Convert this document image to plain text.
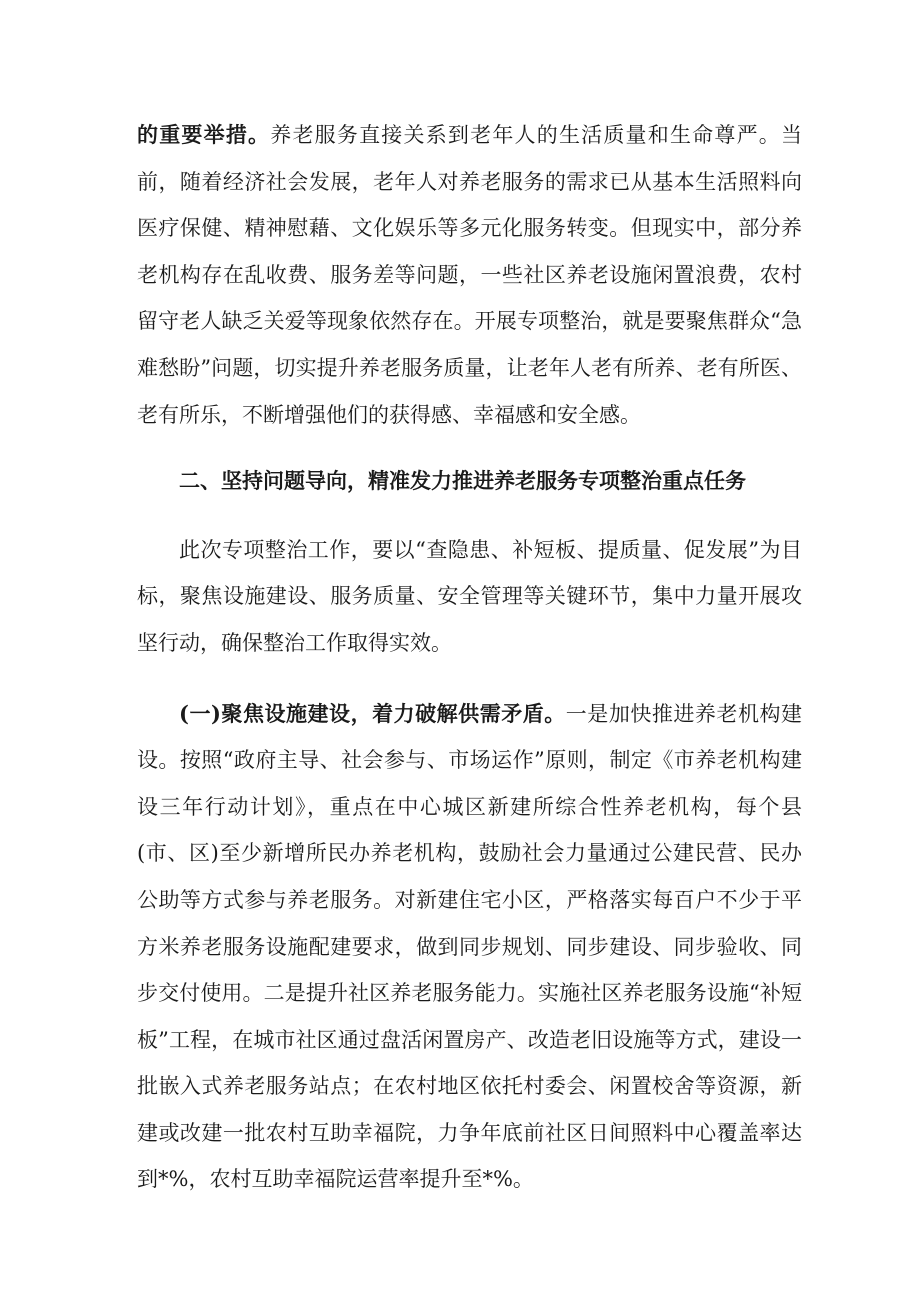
的重要举措。养老服务直接关系到老年人的生活质量和生命尊严。当前，随着经济社会发展，老年人对养老服务的需求已从基本生活照料向医疗保健、精神慰藉、文化娱乐等多元化服务转变。但现实中，部分养老机构存在乱收费、服务差等问题，一些社区养老设施闲置浪费，农村留守老人缺乏关爱等现象依然存在。开展专项整治，就是要聚焦群众“急难愁盼”问题，切实提升养老服务质量，让老年人老有所养、老有所医、老有所乐，不断增强他们的获得感、幸福感和安全感。

二、坚持问题导向，精准发力推进养老服务专项整治重点任务

此次专项整治工作，要以“查隐患、补短板、提质量、促发展”为目标，聚焦设施建设、服务质量、安全管理等关键环节，集中力量开展攻坚行动，确保整治工作取得实效。

(一)聚焦设施建设，着力破解供需矛盾。一是加快推进养老机构建设。按照“政府主导、社会参与、市场运作”原则，制定《市养老机构建设三年行动计划》，重点在中心城区新建所综合性养老机构，每个县(市、区)至少新增所民办养老机构，鼓励社会力量通过公建民营、民办公助等方式参与养老服务。对新建住宅小区，严格落实每百户不少于平方米养老服务设施配建要求，做到同步规划、同步建设、同步验收、同步交付使用。二是提升社区养老服务能力。实施社区养老服务设施“补短板”工程，在城市社区通过盘活闲置房产、改造老旧设施等方式，建设一批嵌入式养老服务站点；在农村地区依托村委会、闲置校舍等资源，新建或改建一批农村互助幸福院，力争年底前社区日间照料中心覆盖率达到*%，农村互助幸福院运营率提升至*%。
